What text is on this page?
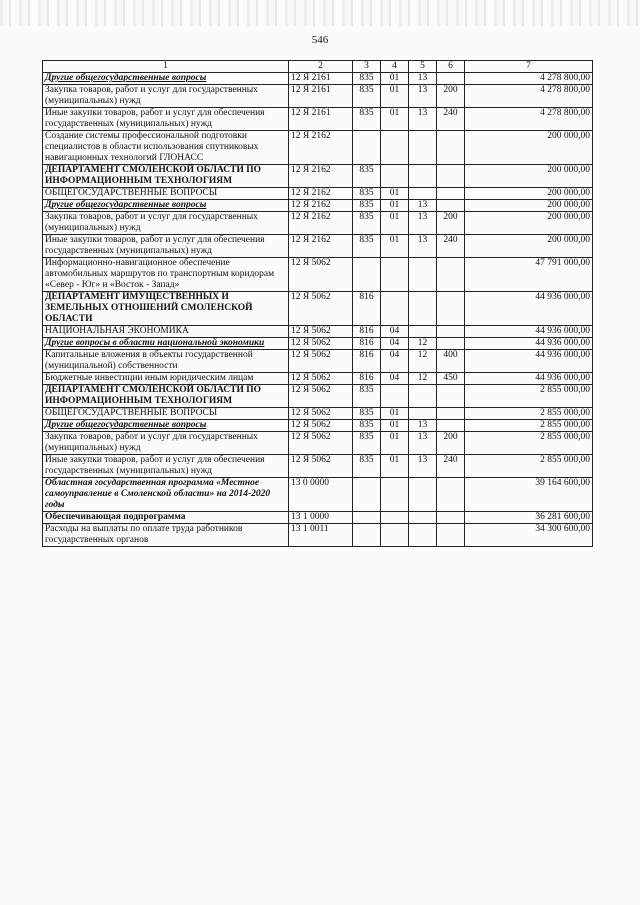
546
1	2	3	4	5	6	7
Другие общегосударственные вопросы	12 Я 2161	835	01	13		4 278 800,00
Закупка товаров, работ и услуг для государственных (муниципальных) нужд	12 Я 2161	835	01	13	200	4 278 800,00
Иные закупки товаров, работ и услуг для обеспечения государственных (муниципальных) нужд	12 Я 2161	835	01	13	240	4 278 800,00
Создание системы профессиональной подготовки специалистов в области использования спутниковых навигационных технологий ГЛОНАСС	12 Я 2162					200 000,00
ДЕПАРТАМЕНТ СМОЛЕНСКОЙ ОБЛАСТИ ПО ИНФОРМАЦИОННЫМ ТЕХНОЛОГИЯМ	12 Я 2162	835				200 000,00
ОБЩЕГОСУДАРСТВЕННЫЕ ВОПРОСЫ	12 Я 2162	835	01			200 000,00
Другие общегосударственные вопросы	12 Я 2162	835	01	13		200 000,00
Закупка товаров, работ и услуг для государственных (муниципальных) нужд	12 Я 2162	835	01	13	200	200 000,00
Иные закупки товаров, работ и услуг для обеспечения государственных (муниципальных) нужд	12 Я 2162	835	01	13	240	200 000,00
Информационно-навигационное обеспечение автомобильных маршрутов по транспортным коридорам «Север - Юг» и «Восток - Запад»	12 Я 5062					47 791 000,00
ДЕПАРТАМЕНТ ИМУЩЕСТВЕННЫХ И ЗЕМЕЛЬНЫХ ОТНОШЕНИЙ СМОЛЕНСКОЙ ОБЛАСТИ	12 Я 5062	816				44 936 000,00
НАЦИОНАЛЬНАЯ ЭКОНОМИКА	12 Я 5062	816	04			44 936 000,00
Другие вопросы в области национальной экономики	12 Я 5062	816	04	12		44 936 000,00
Капитальные вложения в объекты государственной (муниципальной) собственности	12 Я 5062	816	04	12	400	44 936 000,00
Бюджетные инвестиции иным юридическим лицам	12 Я 5062	816	04	12	450	44 936 000,00
ДЕПАРТАМЕНТ СМОЛЕНСКОЙ ОБЛАСТИ ПО ИНФОРМАЦИОННЫМ ТЕХНОЛОГИЯМ	12 Я 5062	835				2 855 000,00
ОБЩЕГОСУДАРСТВЕННЫЕ ВОПРОСЫ	12 Я 5062	835	01			2 855 000,00
Другие общегосударственные вопросы	12 Я 5062	835	01	13		2 855 000,00
Закупка товаров, работ и услуг для государственных (муниципальных) нужд	12 Я 5062	835	01	13	200	2 855 000,00
Иные закупки товаров, работ и услуг для обеспечения государственных (муниципальных) нужд	12 Я 5062	835	01	13	240	2 855 000,00
Областная государственная программа «Местное самоуправление в Смоленской области» на 2014-2020 годы	13 0 0000					39 164 600,00
Обеспечивающая подпрограмма	13 1 0000					36 281 600,00
Расходы на выплаты по оплате труда работников государственных органов	13 1 0011					34 300 600,00
